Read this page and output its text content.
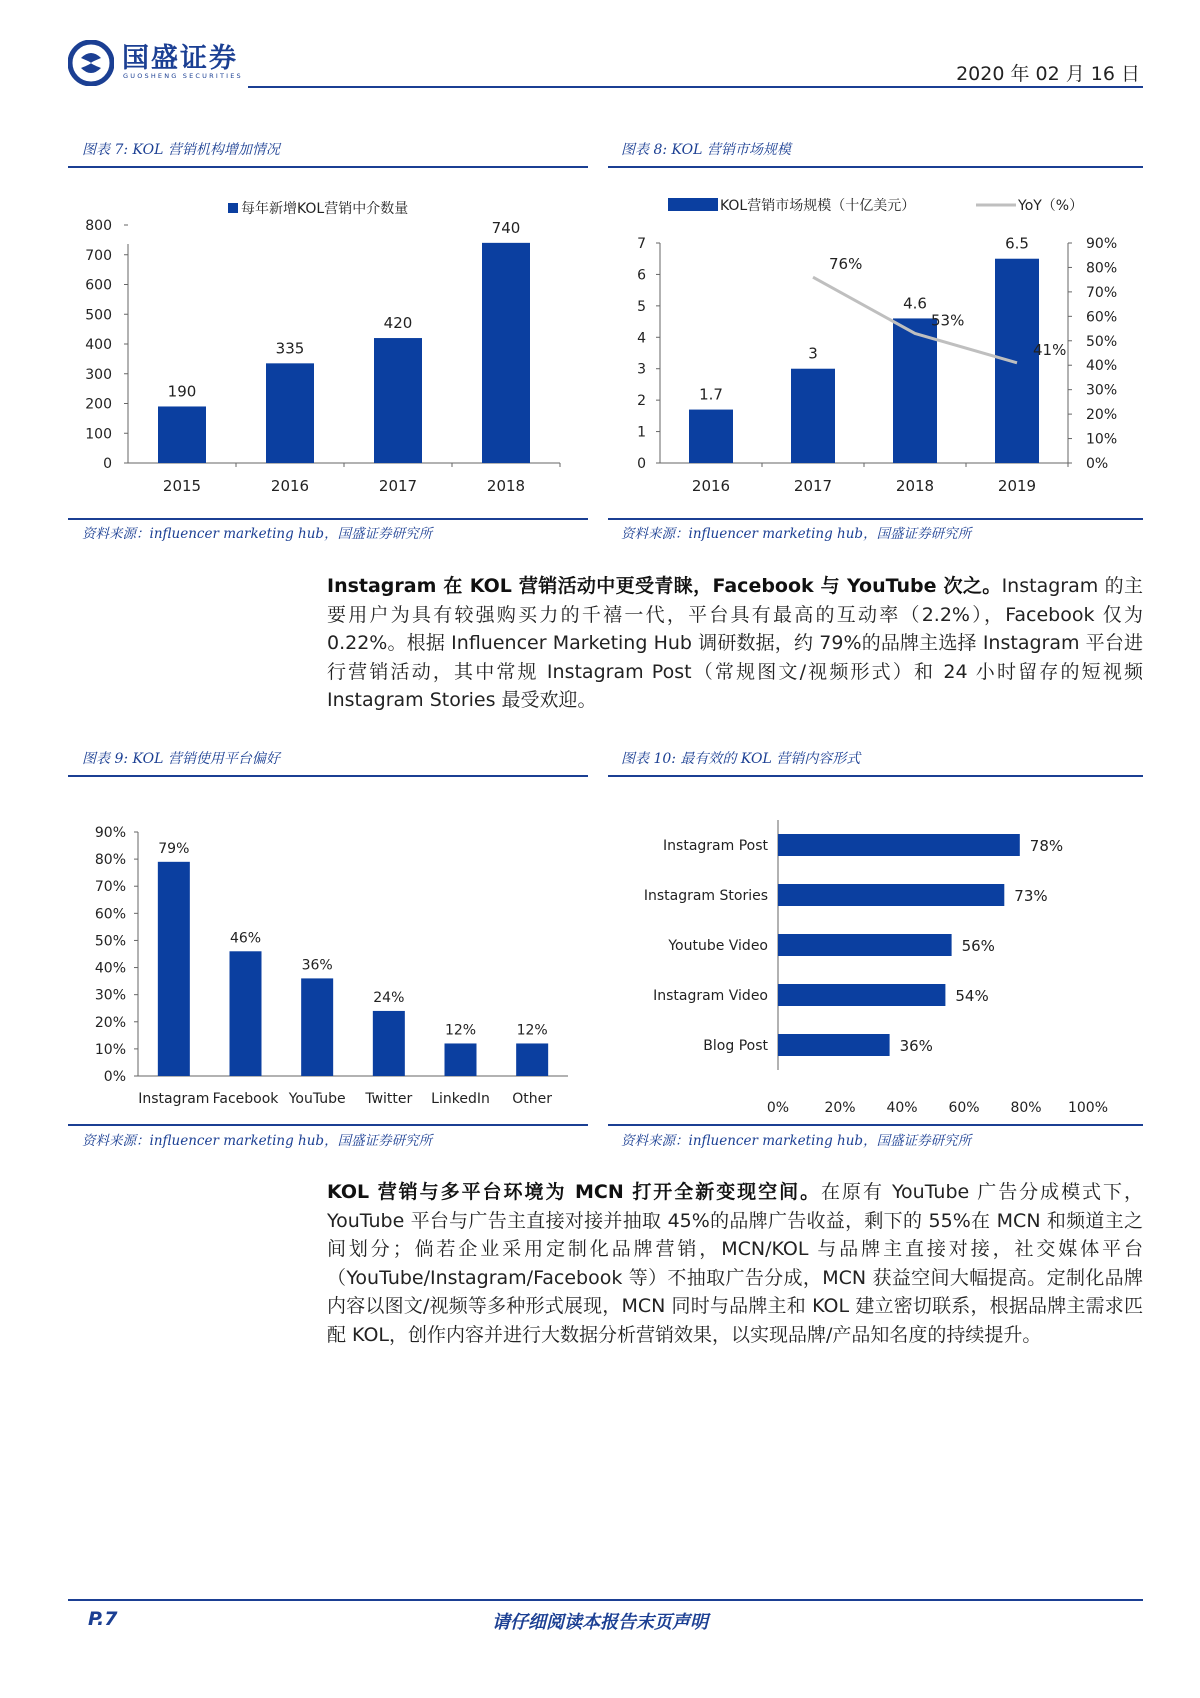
国盛证券
GUOSHENG SECURITIES	2020 年 02 月 16 日
图表 7: KOL 营销机构增加情况
每年新增KOL营销中介数量
0
100
200
300
400
500
600
700
800
190
2015
335
2016
420
2017
740
2018
资料来源：influencer marketing hub，国盛证券研究所
图表 8: KOL 营销市场规模
KOL营销市场规模（十亿美元）	YoY（%）
0
1
2
3
4
5
6
7
0%
10%
20%
30%
40%
50%
60%
70%
80%
90%
1.7
2016
3
2017
4.6
2018
6.5
2019
76%
53%
41%
资料来源：influencer marketing hub，国盛证券研究所
Instagram 在 KOL 营销活动中更受青睐，Facebook 与 YouTube 次之。Instagram 的主要用户为具有较强购买力的千禧一代，平台具有最高的互动率（2.2%），Facebook 仅为 0.22%。根据 Influencer Marketing Hub 调研数据，约 79%的品牌主选择 Instagram 平台进行营销活动，其中常规 Instagram Post（常规图文/视频形式）和 24 小时留存的短视频 Instagram Stories 最受欢迎。
图表 9: KOL 营销使用平台偏好
0%
10%
20%
30%
40%
50%
60%
70%
80%
90%
79%
Instagram
46%
Facebook
36%
YouTube
24%
Twitter
12%
LinkedIn
12%
Other
资料来源：influencer marketing hub，国盛证券研究所
图表 10: 最有效的 KOL 营销内容形式
0%	20% 40% 60% 80% 100%
78%
Instagram Post
73%
Instagram Stories
56%
Youtube Video
54%
Instagram Video
36%
Blog Post
资料来源：influencer marketing hub，国盛证券研究所
KOL 营销与多平台环境为 MCN 打开全新变现空间。在原有 YouTube 广告分成模式下，YouTube 平台与广告主直接对接并抽取 45%的品牌广告收益，剩下的 55%在 MCN 和频道主之间划分；倘若企业采用定制化品牌营销，MCN/KOL 与品牌主直接对接，社交媒体平台（YouTube/Instagram/Facebook 等）不抽取广告分成，MCN 获益空间大幅提高。定制化品牌内容以图文/视频等多种形式展现，MCN 同时与品牌主和 KOL 建立密切联系，根据品牌主需求匹配 KOL，创作内容并进行大数据分析营销效果，以实现品牌/产品知名度的持续提升。
P.7	请仔细阅读本报告末页声明
